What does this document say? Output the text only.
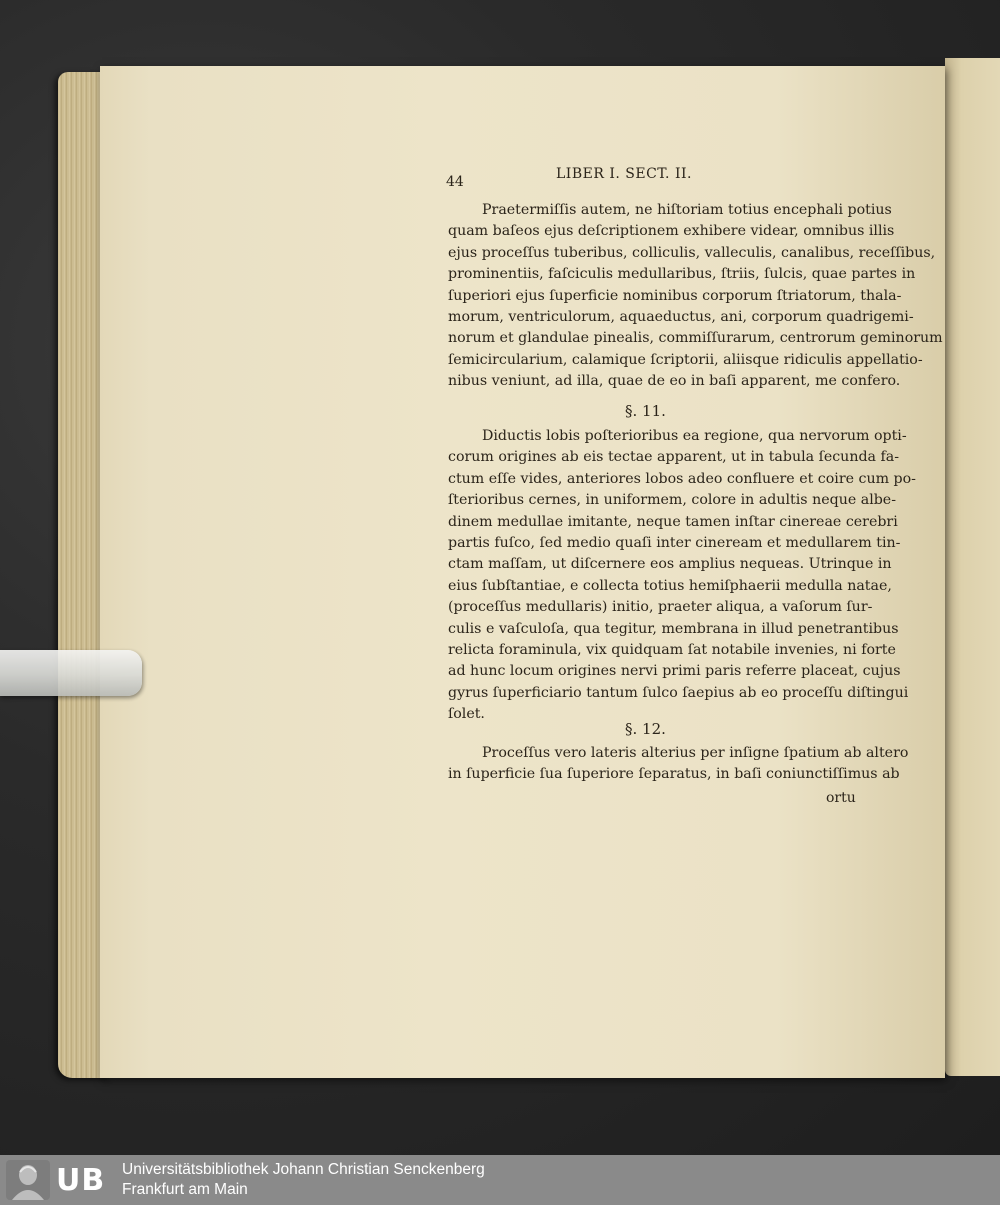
44	LIBER I. SECT. II.
Praetermiſſis autem, ne hiſtoriam totius encephali potius
quam baſeos ejus deſcriptionem exhibere videar, omnibus illis
ejus proceſſus tuberibus, colliculis, valleculis, canalibus, receſſibus,
prominentiis, faſciculis medullaribus, ſtriis, ſulcis, quae partes in
ſuperiori ejus ſuperficie nominibus corporum ſtriatorum, thala-
morum, ventriculorum, aquaeductus, ani, corporum quadrigemi-
norum et glandulae pinealis, commiſſurarum, centrorum geminorum
ſemicircularium, calamique ſcriptorii, aliisque ridiculis appellatio-
nibus veniunt, ad illa, quae de eo in baſi apparent, me confero.
§. 11.
Diductis lobis poſterioribus ea regione, qua nervorum opti-
corum origines ab eis tectae apparent, ut in tabula ſecunda fa-
ctum eſſe vides, anteriores lobos adeo confluere et coire cum po-
ſterioribus cernes, in uniformem, colore in adultis neque albe-
dinem medullae imitante, neque tamen inſtar cinereae cerebri
partis fuſco, ſed medio quaſi inter cineream et medullarem tin-
ctam maſſam, ut diſcernere eos amplius nequeas. Utrinque in
eius ſubſtantiae, e collecta totius hemiſphaerii medulla natae,
(proceſſus medullaris) initio, praeter aliqua, a vaſorum ſur-
culis e vaſculoſa, qua tegitur, membrana in illud penetrantibus
relicta foraminula, vix quidquam ſat notabile invenies, ni forte
ad hunc locum origines nervi primi paris referre placeat, cujus
gyrus ſuperficiario tantum ſulco ſaepius ab eo proceſſu diſtingui
ſolet.
§. 12.
Proceſſus vero lateris alterius per inſigne ſpatium ab altero
in ſuperficie ſua ſuperiore ſeparatus, in baſi coniunctiſſimus ab
ortu
UB Universitätsbibliothek Johann Christian Senckenberg
Frankfurt am Main
